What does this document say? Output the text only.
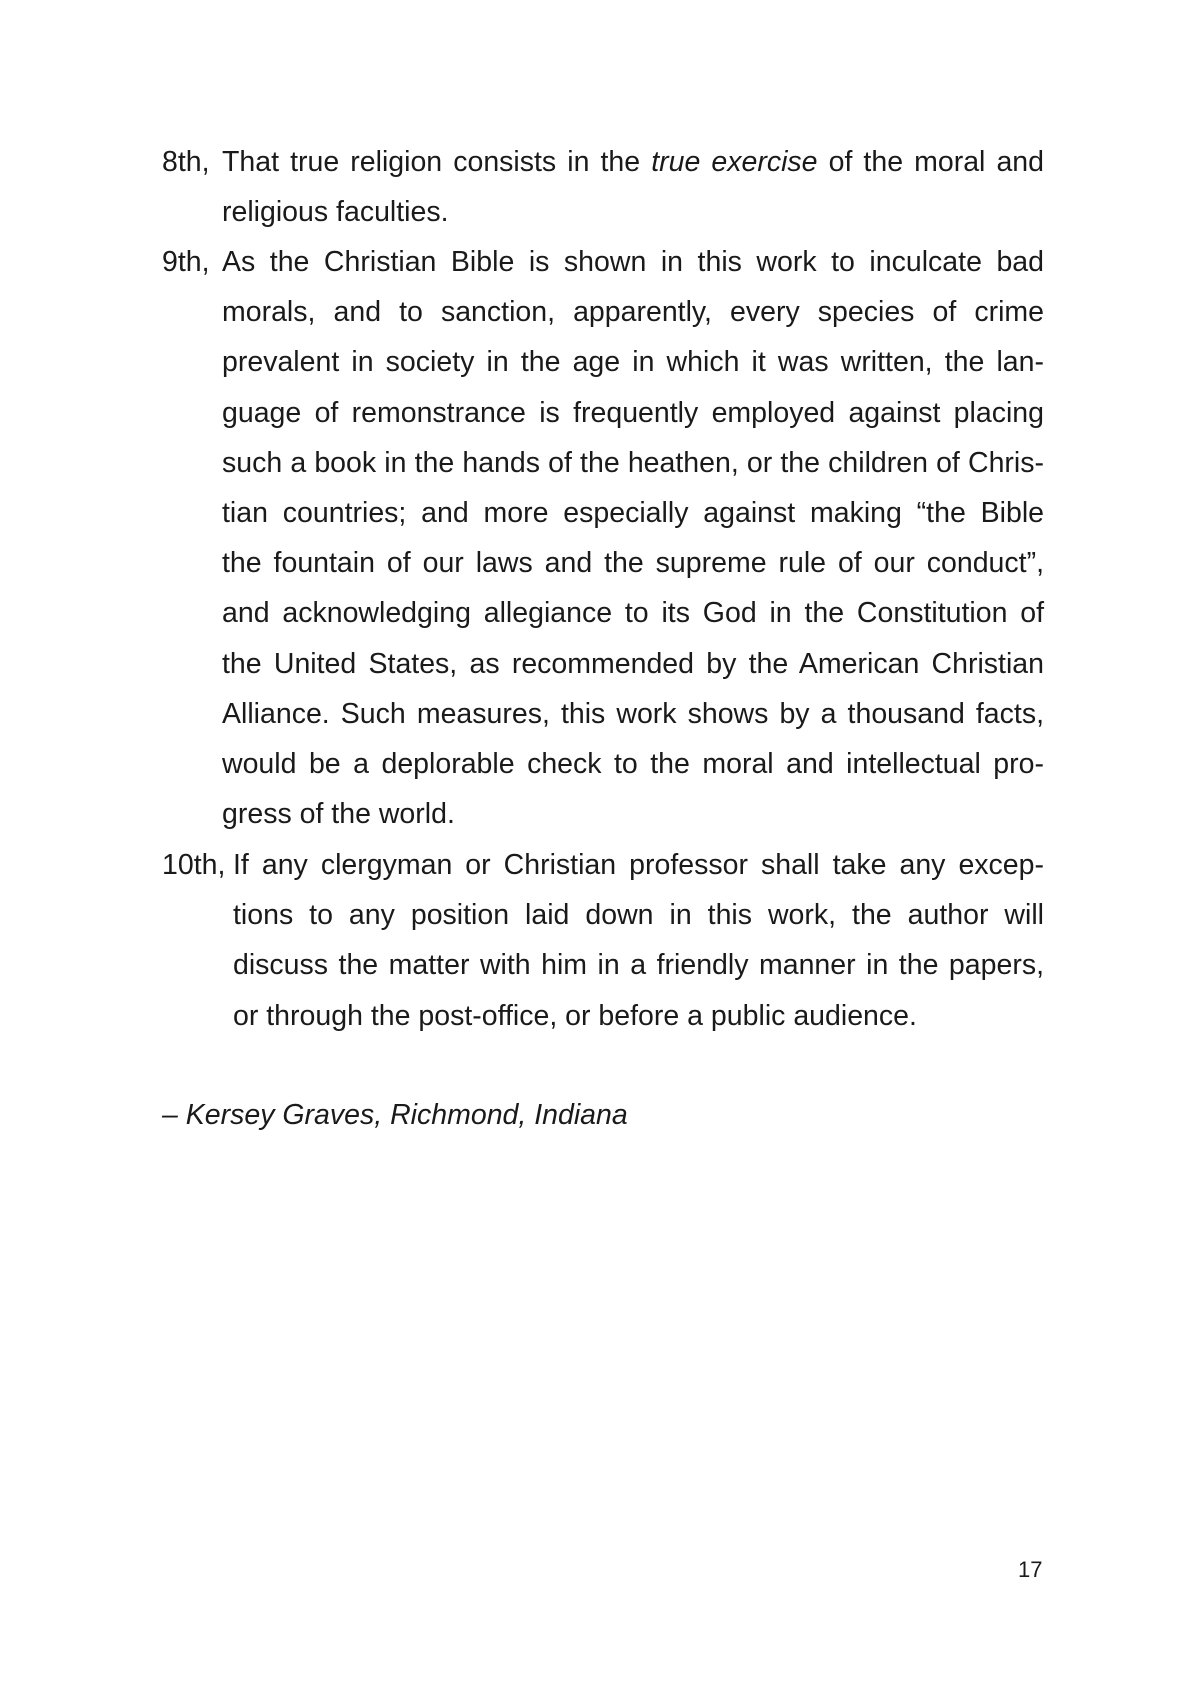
8th, That true religion consists in the true exercise of the moral and
religious faculties.
9th, As the Christian Bible is shown in this work to inculcate bad
morals, and to sanction, apparently, every species of crime
prevalent in society in the age in which it was written, the lan-
guage of remonstrance is frequently employed against placing
such a book in the hands of the heathen, or the children of Chris-
tian countries; and more especially against making “the Bible
the fountain of our laws and the supreme rule of our conduct”,
and acknowledging allegiance to its God in the Constitution of
the United States, as recommended by the American Christian
Alliance. Such measures, this work shows by a thousand facts,
would be a deplorable check to the moral and intellectual pro-
gress of the world.
10th, If any clergyman or Christian professor shall take any excep-
tions to any position laid down in this work, the author will
discuss the matter with him in a friendly manner in the papers,
or through the post-office, or before a public audience.
– Kersey Graves, Richmond, Indiana
17
